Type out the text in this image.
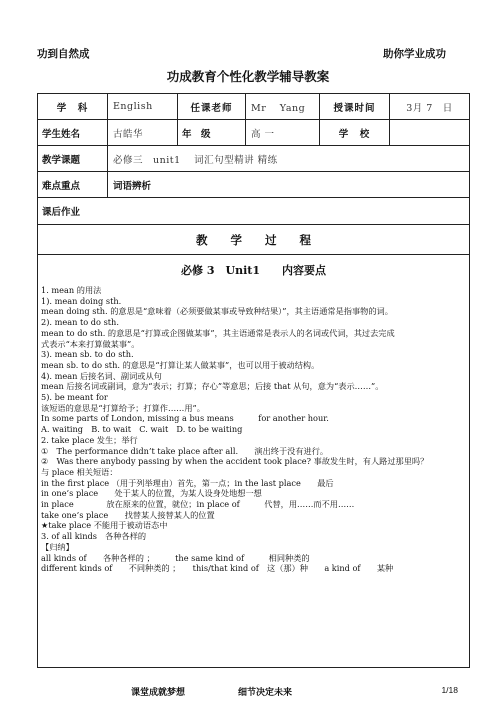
功到自然成	助你学业成功
功成教育个性化教学辅导教案
学　科	English	任课老师	Mr　 Yang	授课时间	3月 7　日
学生姓名	古皓华	年　级	高 一	学　校
教学课题	必修三　unit1　 词汇句型精讲 精练
难点重点	词语辨析
课后作业
教　　学　　过　　程
必修 3　Unit1　　内容要点
1. mean 的用法
1). mean doing sth.
mean doing sth. 的意思是“意味着（必须要做某事或导致种结果）”，其主语通常是指事物的词。
2). mean to do sth.
mean to do sth. 的意思是“打算或企图做某事”，其主语通常是表示人的名词或代词，其过去完成
式表示“本来打算做某事”。
3). mean sb. to do sth.
mean sb. to do sth. 的意思是“打算让某人做某事”，也可以用于被动结构。
4). mean 后接名词、副词或从句
mean 后接名词或副词，意为“表示；打算；存心”等意思；后接 that 从句，意为“表示……”。
5). be meant for
该短语的意思是“打算给予；打算作……用”。
In some parts of London, missing a bus means　　　for another hour.
A. waiting　B. to wait　C. wait　D. to be waiting
2. take place 发生；举行
①　The performance didn’t take place after all.　　演出终于没有进行。
②　Was there anybody passing by when the accident took place? 事故发生时，有人路过那里吗？
与 place 相关短语：
in the first place （用于列举理由）首先，第一点；in the last place　　最后
in one’s place　　处于某人的位置，为某人设身处地想一想
in place　　　　放在原来的位置，就位；in place of　　　代替，用……而不用……
take one’s place　　找替某人接替某人的位置
★take place 不能用于被动语态中
3. of all kinds　各种各样的
【归纳】
all kinds of　　各种各样的 ；　　　the same kind of　　　相同种类的
different kinds of　　不同种类的 ；　　this/that kind of　这（那）种　　a kind of　　某种
课堂成就梦想	细节决定未来	1/18
